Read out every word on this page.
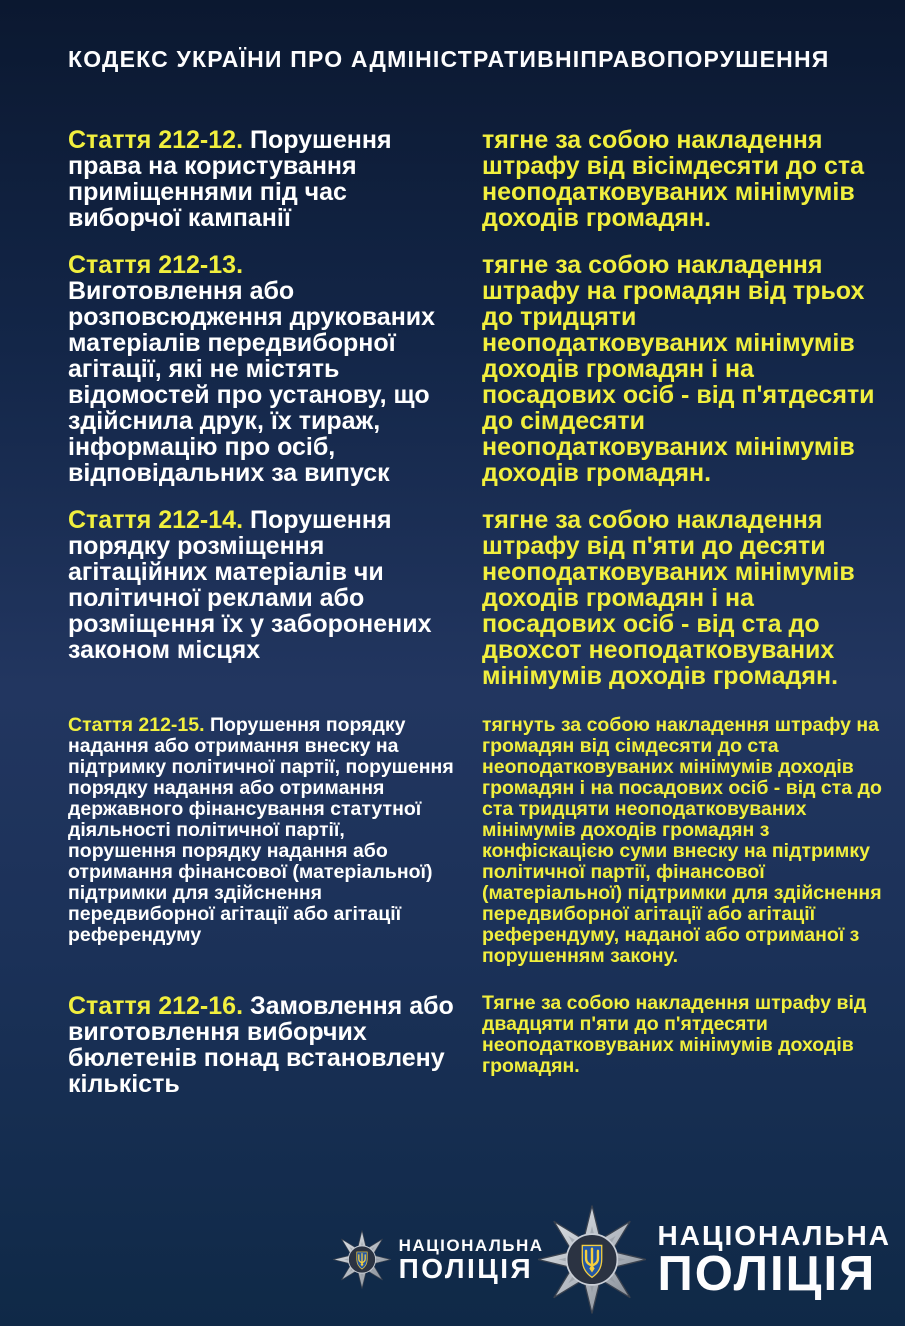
КОДЕКС УКРАЇНИ ПРО АДМІНІСТРАТИВНІПРАВОПОРУШЕННЯ

Стаття 212-12. Порушення права на користування приміщеннями під час виборчої кампанії

тягне за собою накладення штрафу від вісімдесяти до ста неоподатковуваних мінімумів доходів громадян.

Стаття 212-13.
Виготовлення або розповсюдження друкованих матеріалів передвиборної агітації, які не містять відомостей про установу, що здійснила друк, їх тираж, інформацію про осіб, відповідальних за випуск

тягне за собою накладення штрафу на громадян від трьох до тридцяти неоподатковуваних мінімумів доходів громадян і на посадових осіб - від п'ятдесяти до сімдесяти неоподатковуваних мінімумів доходів громадян.

Стаття 212-14. Порушення порядку розміщення агітаційних матеріалів чи політичної реклами або розміщення їх у заборонених законом місцях

тягне за собою накладення штрафу від п'яти до десяти неоподатковуваних мінімумів доходів громадян і на посадових осіб - від ста до двохсот неоподатковуваних мінімумів доходів громадян.

Стаття 212-15. Порушення порядку надання або отримання внеску на підтримку політичної партії, порушення порядку надання або отримання державного фінансування статутної діяльності політичної партії, порушення порядку надання або отримання фінансової (матеріальної) підтримки для здійснення передвиборної агітації або агітації референдуму

тягнуть за собою накладення штрафу на громадян від сімдесяти до ста неоподатковуваних мінімумів доходів громадян і на посадових осіб - від ста до ста тридцяти неоподатковуваних мінімумів доходів громадян з конфіскацією суми внеску на підтримку політичної партії, фінансової (матеріальної) підтримки для здійснення передвиборної агітації або агітації референдуму, наданої або отриманої з порушенням закону.

Стаття 212-16. Замовлення або виготовлення виборчих бюлетенів понад встановлену кількість

Тягне за собою накладення штрафу від двадцяти п'яти до п'ятдесяти неоподатковуваних мінімумів доходів громадян.

НАЦІОНАЛЬНА
ПОЛІЦІЯ
НАЦІОНАЛЬНА
ПОЛІЦІЯ
